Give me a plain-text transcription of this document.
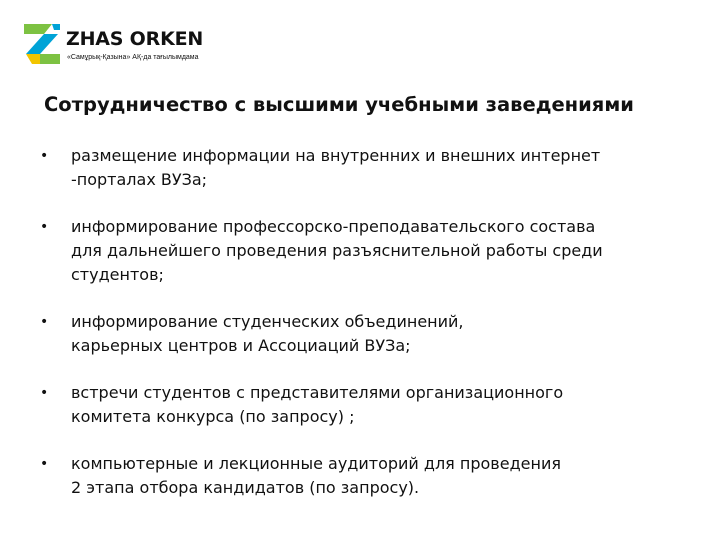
ZHAS ORKEN
«Самұрық-Қазына» АҚ-да тағылымдама
Сотрудничество с высшими учебными заведениями
• размещение информации на внутренних и внешних интернет
-порталах ВУЗа;
• информирование профессорско-преподавательского состава
для дальнейшего проведения разъяснительной работы среди
студентов;
• информирование студенческих объединений,
карьерных центров и Ассоциаций ВУЗа;
• встречи студентов с представителями организационного
комитета конкурса (по запросу) ;
• компьютерные и лекционные аудиторий для проведения
2 этапа отбора кандидатов (по запросу).
